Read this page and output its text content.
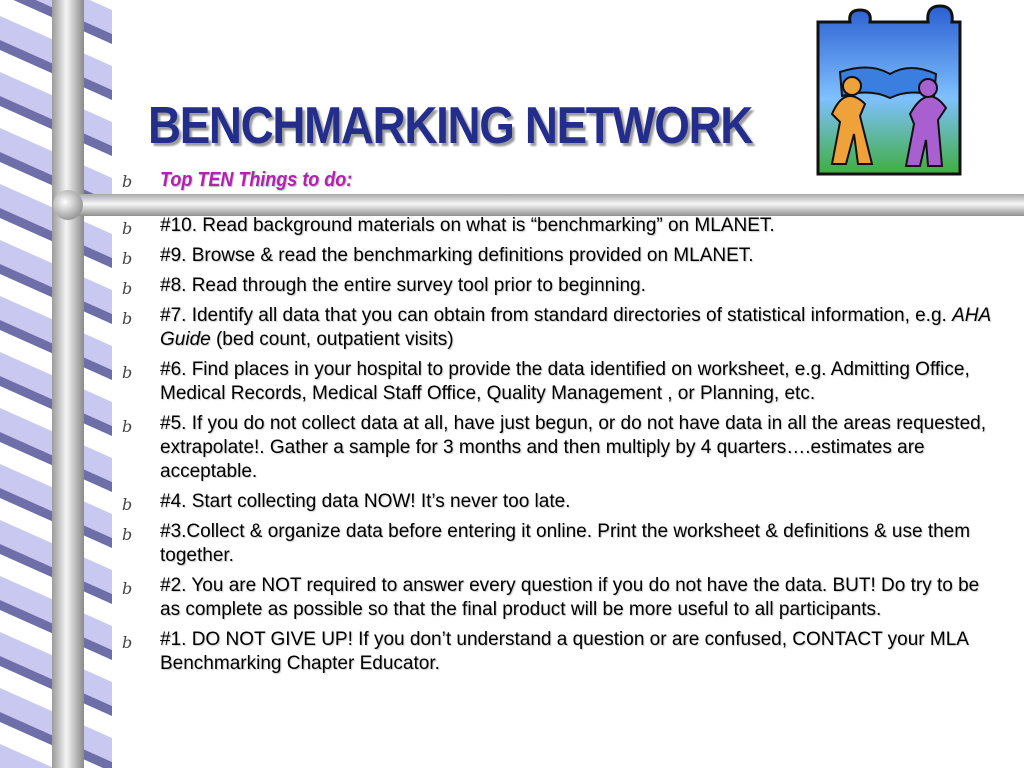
BENCHMARKING NETWORK
b Top TEN Things to do:
b #10. Read background materials on what is “benchmarking” on MLANET.
b #9. Browse & read the benchmarking definitions provided on MLANET.
b #8. Read through the entire survey tool prior to beginning.
b #7. Identify all data that you can obtain from standard directories of statistical information, e.g. AHA Guide (bed count, outpatient visits)
b #6. Find places in your hospital to provide the data identified on worksheet, e.g. Admitting Office, Medical Records, Medical Staff Office, Quality Management , or Planning, etc.
b #5. If you do not collect data at all, have just begun, or do not have data in all the areas requested, extrapolate!. Gather a sample for 3 months and then multiply by 4 quarters….estimates are acceptable.
b #4. Start collecting data NOW! It’s never too late.
b #3.Collect & organize data before entering it online. Print the worksheet & definitions & use them together.
b #2. You are NOT required to answer every question if you do not have the data. BUT! Do try to be as complete as possible so that the final product will be more useful to all participants.
b #1. DO NOT GIVE UP! If you don’t understand a question or are confused, CONTACT your MLA Benchmarking Chapter Educator.
